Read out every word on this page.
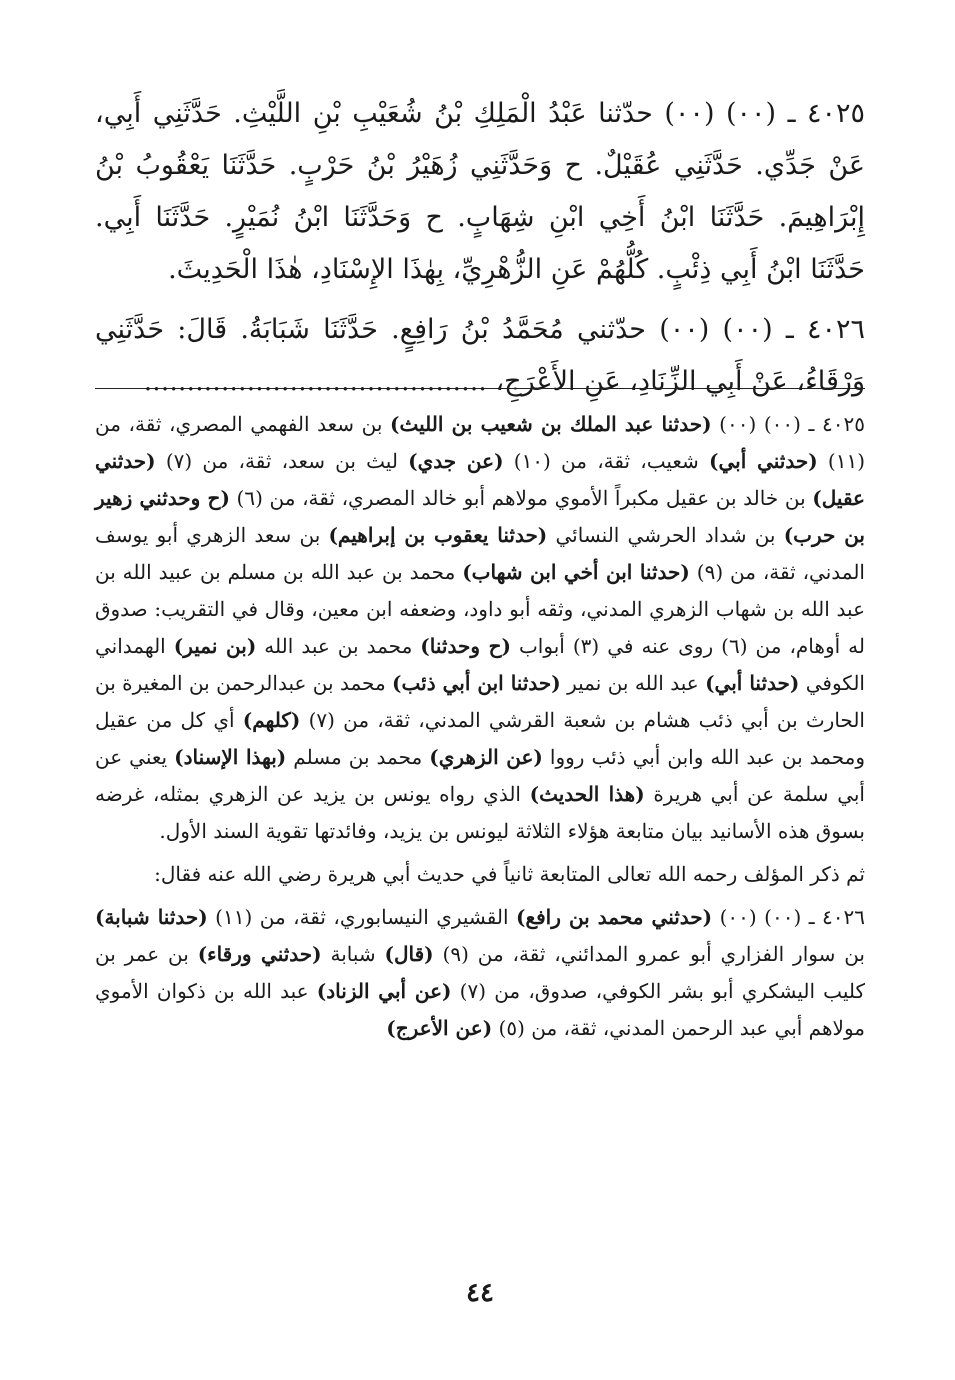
٤٠٢٥ ـ (٠٠) (٠٠) حدّثنا عَبْدُ الْمَلِكِ بْنُ شُعَيْبِ بْنِ اللَّيْثِ. حَدَّثَنِي أَبِي، عَنْ جَدِّي. حَدَّثَنِي عُقَيْلٌ. ح وَحَدَّثَنِي زُهَيْرُ بْنُ حَرْبٍ. حَدَّثَنَا يَعْقُوبُ بْنُ إِبْرَاهِيمَ. حَدَّثَنَا ابْنُ أَخِي ابْنِ شِهَابٍ. ح وَحَدَّثَنَا ابْنُ نُمَيْرٍ. حَدَّثَنَا أَبِي. حَدَّثَنَا ابْنُ أَبِي ذِئْبٍ. كُلُّهُمْ عَنِ الزُّهْرِيِّ، بِهٰذَا الإِسْنَادِ، هٰذَا الْحَدِيثَ.

٤٠٢٦ ـ (٠٠) (٠٠) حدّثني مُحَمَّدُ بْنُ رَافِعٍ. حَدَّثَنَا شَبَابَةُ. قَالَ: حَدَّثَنِي وَرْقَاءُ، عَنْ أَبِي الزِّنَادِ، عَنِ الأَعْرَجِ، ........................................

٤٠٢٥ ـ (٠٠) (٠٠) (حدثنا عبد الملك بن شعيب بن الليث) بن سعد الفهمي المصري، ثقة، من (١١) (حدثني أبي) شعيب، ثقة، من (١٠) (عن جدي) ليث بن سعد، ثقة، من (٧) (حدثني عقيل) بن خالد بن عقيل مكبراً الأموي مولاهم أبو خالد المصري، ثقة، من (٦) (ح وحدثني زهير بن حرب) بن شداد الحرشي النسائي (حدثنا يعقوب بن إبراهيم) بن سعد الزهري أبو يوسف المدني، ثقة، من (٩) (حدثنا ابن أخي ابن شهاب) محمد بن عبد الله بن مسلم بن عبيد الله بن عبد الله بن شهاب الزهري المدني، وثقه أبو داود، وضعفه ابن معين، وقال في التقريب: صدوق له أوهام، من (٦) روى عنه في (٣) أبواب (ح وحدثنا) محمد بن عبد الله (بن نمير) الهمداني الكوفي (حدثنا أبي) عبد الله بن نمير (حدثنا ابن أبي ذئب) محمد بن عبدالرحمن بن المغيرة بن الحارث بن أبي ذئب هشام بن شعبة القرشي المدني، ثقة، من (٧) (كلهم) أي كل من عقيل ومحمد بن عبد الله وابن أبي ذئب رووا (عن الزهري) محمد بن مسلم (بهذا الإسناد) يعني عن أبي سلمة عن أبي هريرة (هذا الحديث) الذي رواه يونس بن يزيد عن الزهري بمثله، غرضه بسوق هذه الأسانيد بيان متابعة هؤلاء الثلاثة ليونس بن يزيد، وفائدتها تقوية السند الأول.

ثم ذكر المؤلف رحمه الله تعالى المتابعة ثانياً في حديث أبي هريرة رضي الله عنه فقال:

٤٠٢٦ ـ (٠٠) (٠٠) (حدثني محمد بن رافع) القشيري النيسابوري، ثقة، من (١١) (حدثنا شبابة) بن سوار الفزاري أبو عمرو المدائني، ثقة، من (٩) (قال) شبابة (حدثني ورقاء) بن عمر بن كليب اليشكري أبو بشر الكوفي، صدوق، من (٧) (عن أبي الزناد) عبد الله بن ذكوان الأموي مولاهم أبي عبد الرحمن المدني، ثقة، من (٥) (عن الأعرج)

٤٤
